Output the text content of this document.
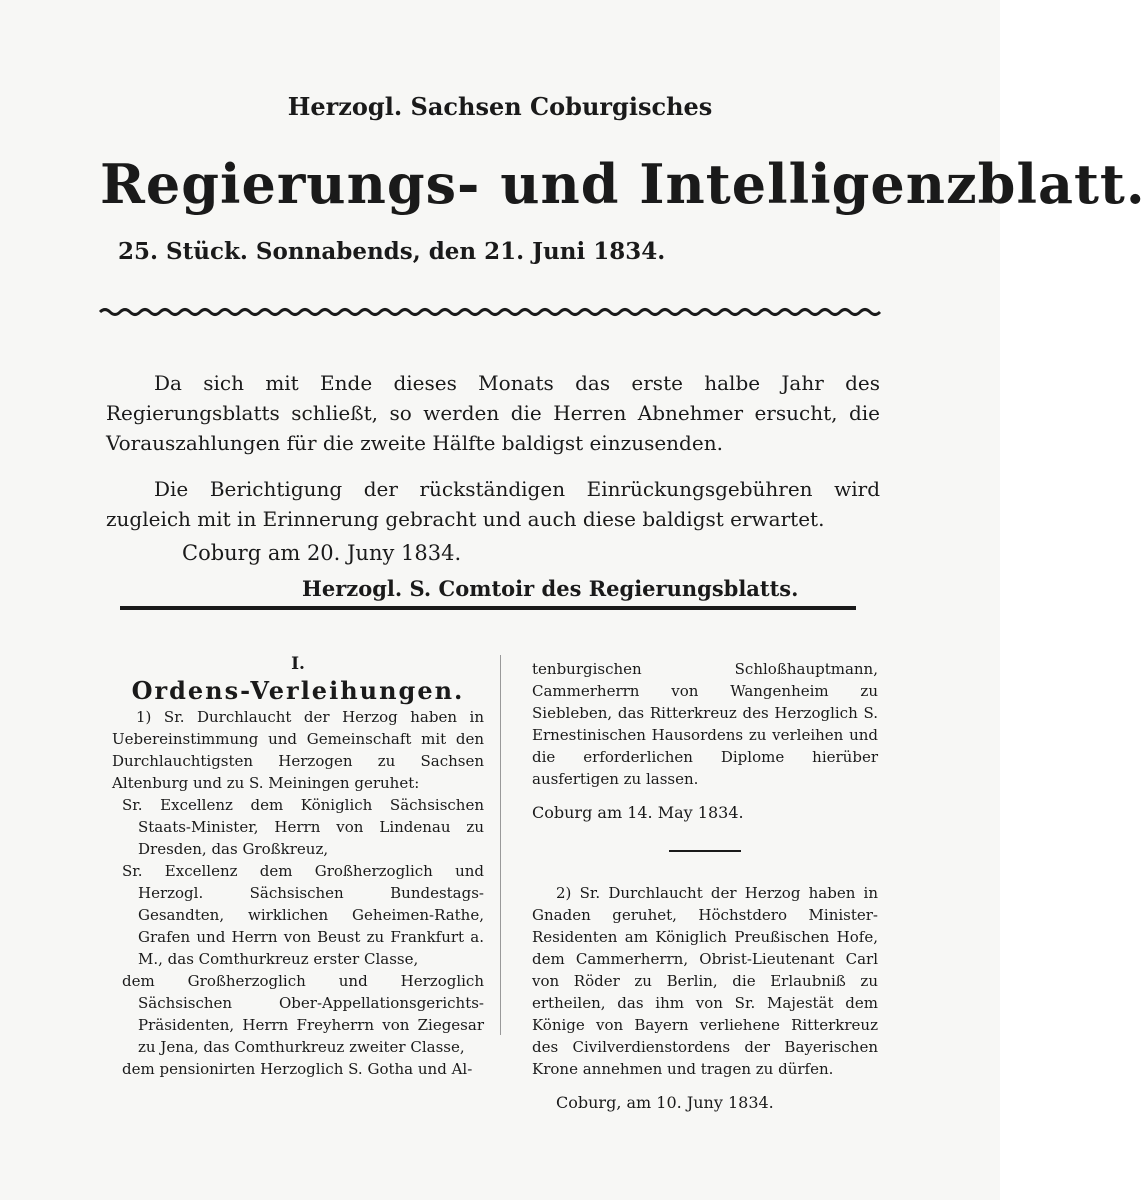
Herzogl. Sachsen Coburgisches
Regierungs- und Intelligenzblatt.
25. Stück. Sonnabends, den 21. Juni 1834.

Da sich mit Ende dieses Monats das erste halbe Jahr des Regierungsblatts schließt, so werden die Herren Abnehmer ersucht, die Vorauszahlungen für die zweite Hälfte baldigst einzusenden.

Die Berichtigung der rückständigen Einrückungsgebühren wird zugleich mit in Erinnerung gebracht und auch diese baldigst erwartet.

Coburg am 20. Juny 1834.

Herzogl. S. Comtoir des Regierungsblatts.

I.

Ordens-Verleihungen.

1) Sr. Durchlaucht der Herzog haben in Uebereinstimmung und Gemeinschaft mit den Durchlauchtigsten Herzogen zu Sachsen Altenburg und zu S. Meiningen geruhet:

Sr. Excellenz dem Königlich Sächsischen Staats-Minister, Herrn von Lindenau zu Dresden, das Großkreuz,

Sr. Excellenz dem Großherzoglich und Herzogl. Sächsischen Bundestags-Gesandten, wirklichen Geheimen-Rathe, Grafen und Herrn von Beust zu Frankfurt a. M., das Comthurkreuz erster Classe,

dem Großherzoglich und Herzoglich Sächsischen Ober-Appellationsgerichts-Präsidenten, Herrn Freyherrn von Ziegesar zu Jena, das Comthurkreuz zweiter Classe,

dem pensionirten Herzoglich S. Gotha und Al-

tenburgischen Schloßhauptmann, Cammerherrn von Wangenheim zu Siebleben, das Ritterkreuz des Herzoglich S. Ernestinischen Hausordens zu verleihen und die erforderlichen Diplome hierüber ausfertigen zu lassen.

Coburg am 14. May 1834.

2) Sr. Durchlaucht der Herzog haben in Gnaden geruhet, Höchstdero Minister-Residenten am Königlich Preußischen Hofe, dem Cammerherrn, Obrist-Lieutenant Carl von Röder zu Berlin, die Erlaubniß zu ertheilen, das ihm von Sr. Majestät dem Könige von Bayern verliehene Ritterkreuz des Civilverdienstordens der Bayerischen Krone annehmen und tragen zu dürfen.

Coburg, am 10. Juny 1834.
